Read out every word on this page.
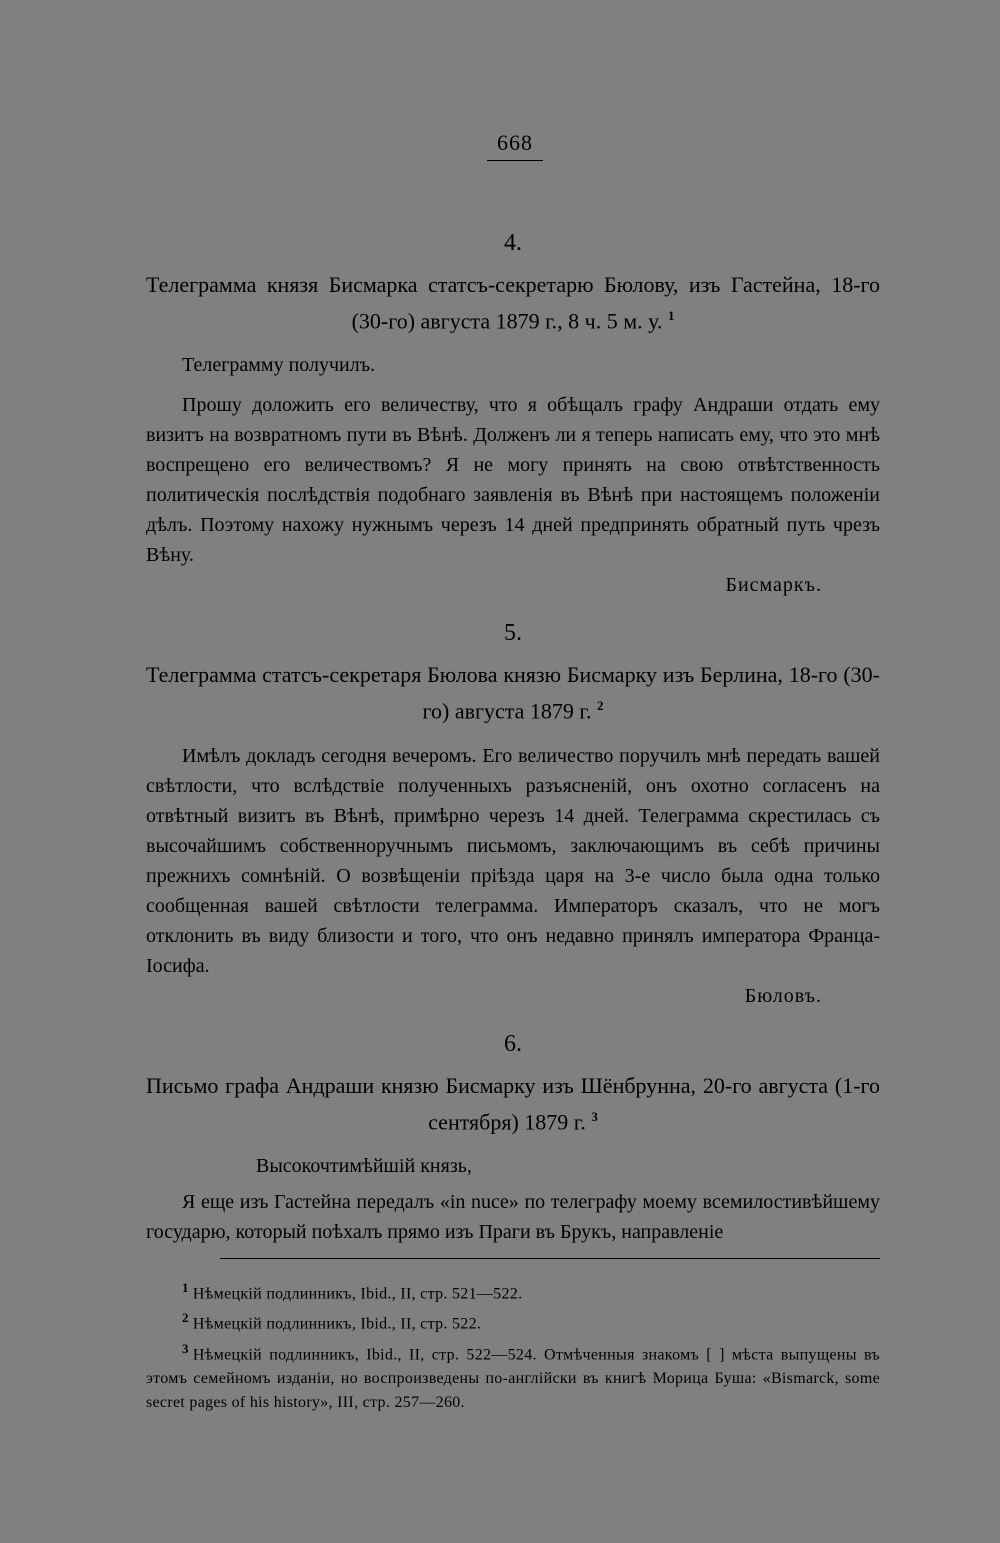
668
4.
Телеграмма князя Бисмарка статсъ-секретарю Бюлову, изъ Гастейна, 18-го (30-го) августа 1879 г., 8 ч. 5 м. у. $^1$

Телеграмму получилъ.

Прошу доложить его величеству, что я обѣщалъ графу Андраши отдать ему визитъ на возвратномъ пути въ Вѣнѣ. Долженъ ли я теперь написать ему, что это мнѣ воспрещено его величествомъ? Я не могу принять на свою отвѣтственность политическія послѣдствія подобнаго заявленія въ Вѣнѣ при настоящемъ положеніи дѣлъ. Поэтому нахожу нужнымъ черезъ 14 дней предпринять обратный путь чрезъ Вѣну.

Бисмаркъ.
5.
Телеграмма статсъ-секретаря Бюлова князю Бисмарку изъ Берлина, 18-го (30-го) августа 1879 г. $^2$

Имѣлъ докладъ сегодня вечеромъ. Его величество поручилъ мнѣ передать вашей свѣтлости, что вслѣдствіе полученныхъ разъясненій, онъ охотно согласенъ на отвѣтный визитъ въ Вѣнѣ, примѣрно черезъ 14 дней. Телеграмма скрестилась съ высочайшимъ собственноручнымъ письмомъ, заключающимъ въ себѣ причины прежнихъ сомнѣній. О возвѣщеніи пріѣзда царя на 3-е число была одна только сообщенная вашей свѣтлости телеграмма. Императоръ сказалъ, что не могъ отклонить въ виду близости и того, что онъ недавно принялъ императора Франца-Іосифа.

Бюловъ.
6.
Письмо графа Андраши князю Бисмарку изъ Шёнбрунна, 20-го августа (1-го сентября) 1879 г. $^3$
Высокочтимѣйшій князь,

Я еще изъ Гастейна передалъ «in nuce» по телеграфу моему всемилостивѣйшему государю, который поѣхалъ прямо изъ Праги въ Брукъ, направленіе

$^1$ Нѣмецкій подлинникъ, Ibid., II, стр. 521—522.

$^2$ Нѣмецкій подлинникъ, Ibid., II, стр. 522.

$^3$ Нѣмецкій подлинникъ, Ibid., II, стр. 522—524. Отмѣченныя знакомъ [ ] мѣста выпущены въ этомъ семейномъ изданіи, но воспроизведены по-англійски въ книгѣ Морица Буша: «Bismarck, some secret pages of his history», III, стр. 257—260.
